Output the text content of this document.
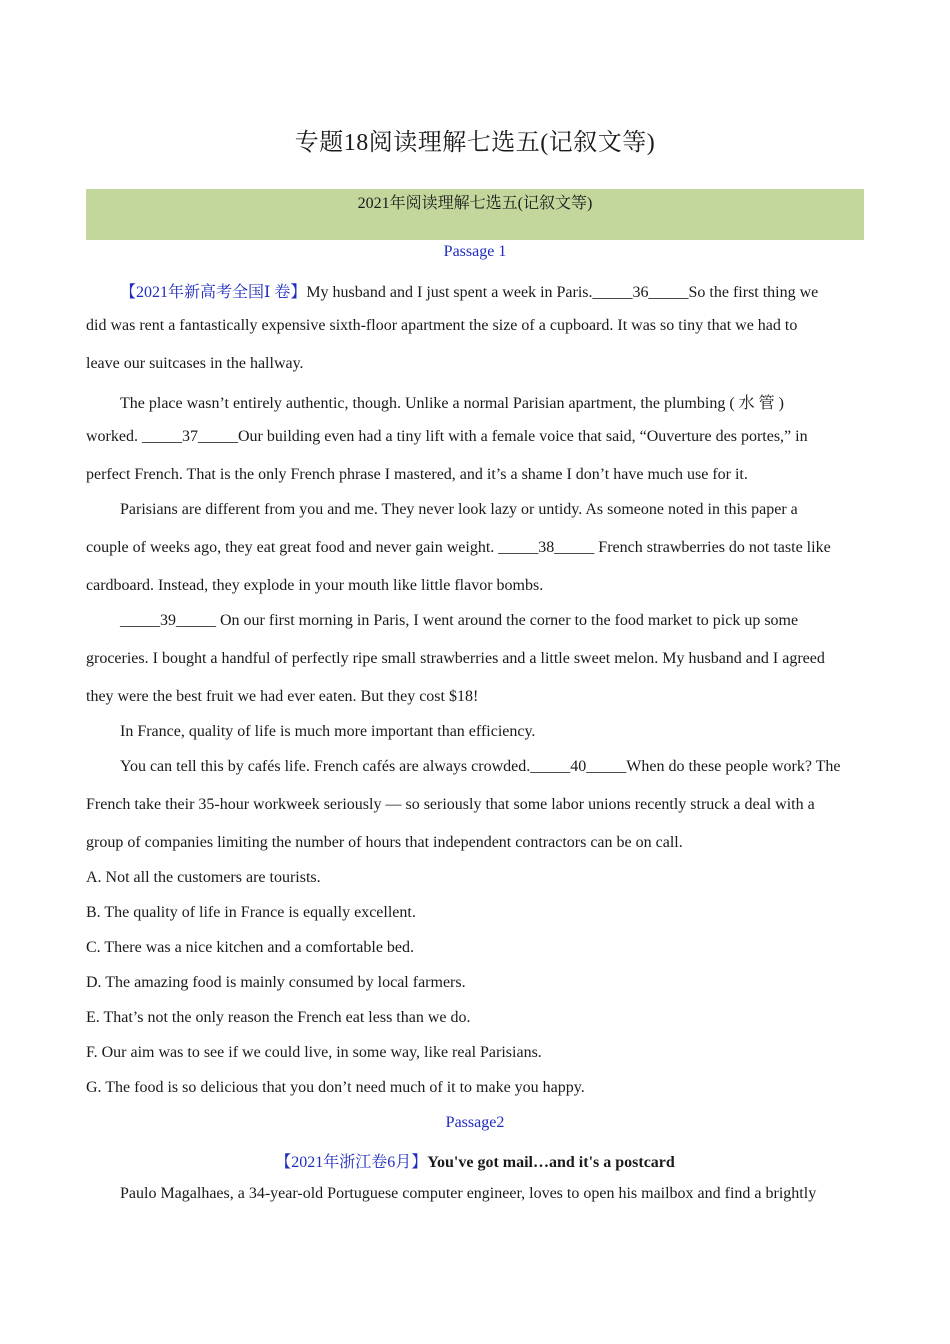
专题18阅读理解七选五(记叙文等)
2021年阅读理解七选五(记叙文等)
Passage 1
【2021年新高考全国Ⅰ 卷】My husband and I just spent a week in Paris._____36_____So the first thing we
did was rent a fantastically expensive sixth-floor apartment the size of a cupboard. It was so tiny that we had to
leave our suitcases in the hallway.
The place wasn’t entirely authentic, though. Unlike a normal Parisian apartment, the plumbing ( 水 管 )
worked. _____37_____Our building even had a tiny lift with a female voice that said, “Ouverture des portes,” in
perfect French. That is the only French phrase I mastered, and it’s a shame I don’t have much use for it.
Parisians are different from you and me. They never look lazy or untidy. As someone noted in this paper a
couple of weeks ago, they eat great food and never gain weight. _____38_____ French strawberries do not taste like
cardboard. Instead, they explode in your mouth like little flavor bombs.
_____39_____ On our first morning in Paris, I went around the corner to the food market to pick up some
groceries. I bought a handful of perfectly ripe small strawberries and a little sweet melon. My husband and I agreed
they were the best fruit we had ever eaten. But they cost $18!
In France, quality of life is much more important than efficiency.
You can tell this by cafés life. French cafés are always crowded._____40_____When do these people work? The
French take their 35-hour workweek seriously — so seriously that some labor unions recently struck a deal with a
group of companies limiting the number of hours that independent contractors can be on call.
A. Not all the customers are tourists.
B. The quality of life in France is equally excellent.
C. There was a nice kitchen and a comfortable bed.
D. The amazing food is mainly consumed by local farmers.
E. That’s not the only reason the French eat less than we do.
F. Our aim was to see if we could live, in some way, like real Parisians.
G. The food is so delicious that you don’t need much of it to make you happy.
Passage2
【2021年浙江卷6月】You've got mail…and it's a postcard
Paulo Magalhaes, a 34-year-old Portuguese computer engineer, loves to open his mailbox and find a brightly
